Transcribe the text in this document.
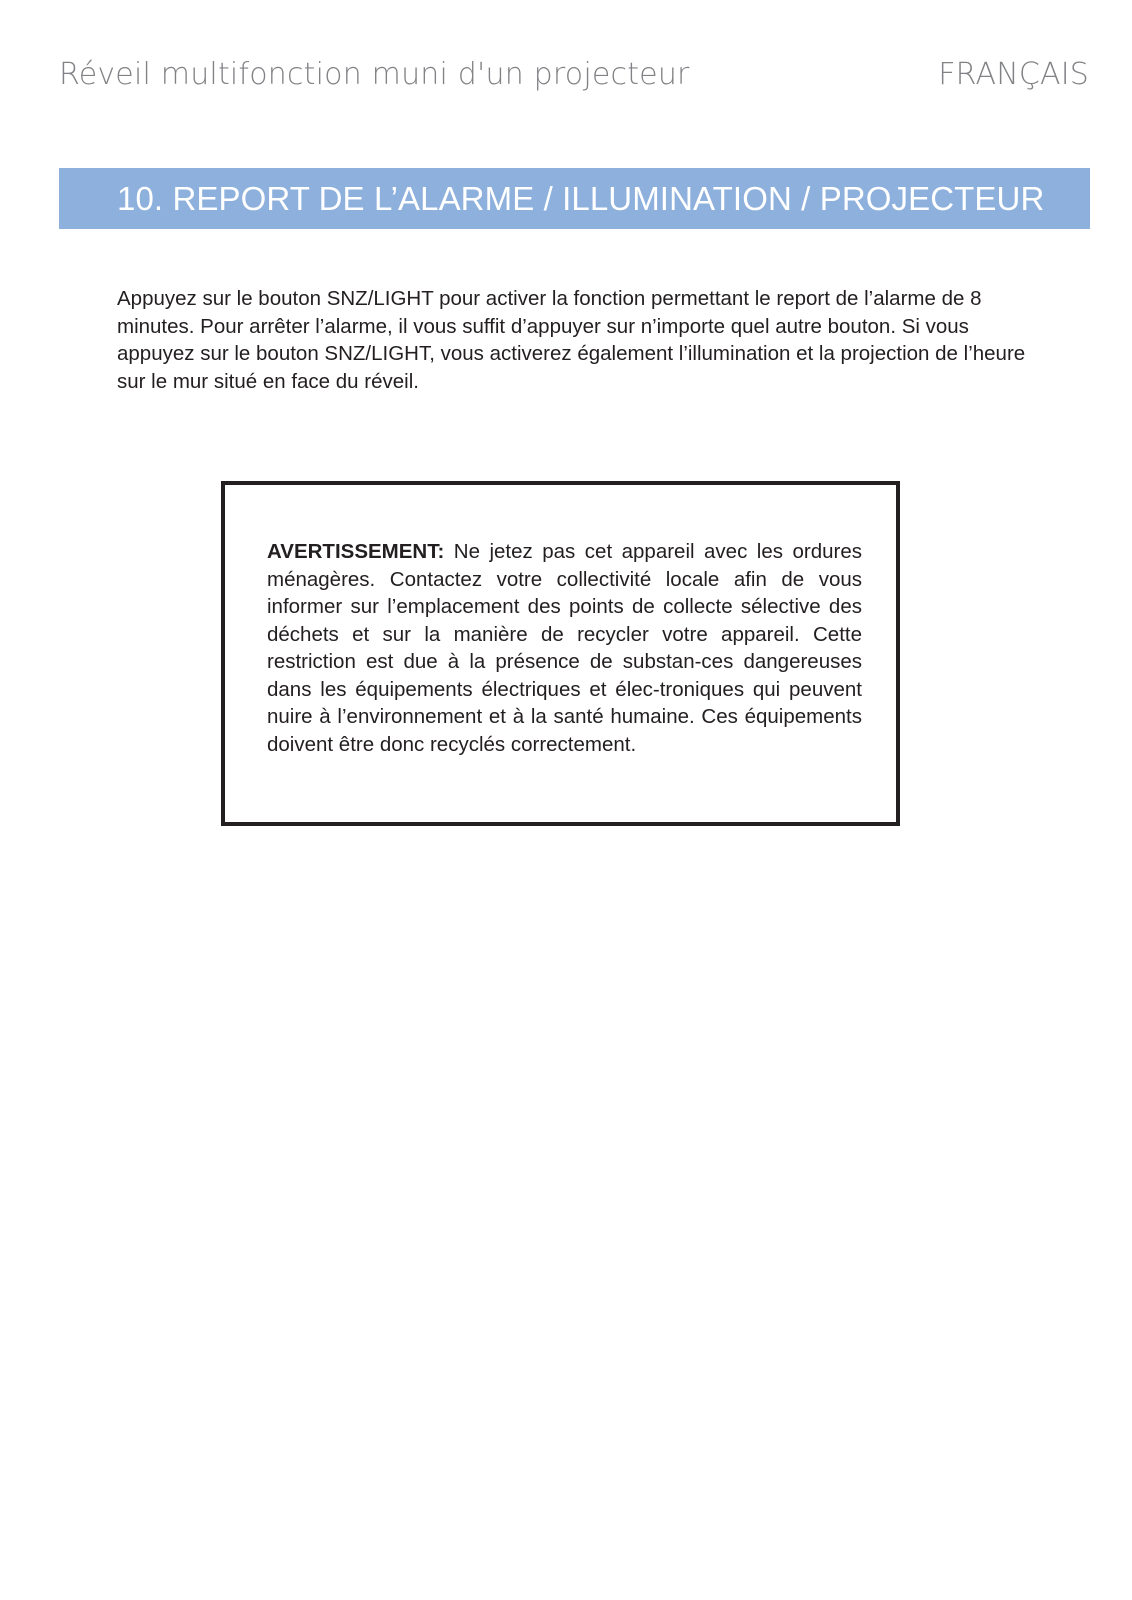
Réveil multifonction muni d'un projecteur	FRANÇAIS
10. REPORT DE L’ALARME / ILLUMINATION / PROJECTEUR

Appuyez sur le bouton SNZ/LIGHT pour activer la fonction permettant le report de l’alarme de 8 minutes. Pour arrêter l’alarme, il vous suffit d’appuyer sur n’importe quel autre bouton. Si vous appuyez sur le bouton SNZ/LIGHT, vous activerez également l’illumination et la projection de l’heure sur le mur situé en face du réveil.

AVERTISSEMENT: Ne jetez pas cet appareil avec les ordures ménagères. Contactez votre collectivité locale afin de vous informer sur l’emplacement des points de collecte sélective des déchets et sur la manière de recycler votre appareil. Cette restriction est due à la présence de substan-ces dangereuses dans les équipements électriques et élec-troniques qui peuvent nuire à l’environnement et à la santé humaine. Ces équipements doivent être donc recyclés correctement.
